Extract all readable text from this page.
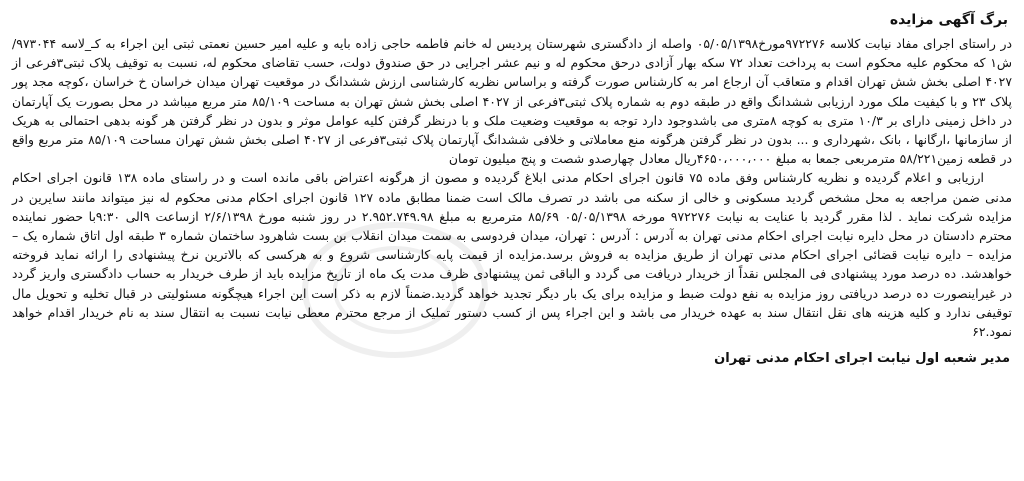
برگ آگهی مزایده

در راستای اجرای مفاد نیابت کلاسه ۹۷۲۲۷۶مورخ۰۵/۰۵/۱۳۹۸ واصله از دادگستری شهرستان پردیس له خانم فاطمه حاجی زاده بایه و علیه امیر حسین نعمتی ثبتی این اجراء به کـ_لاسه ۹۷۳۰۴۴/ش۱ که محکوم علیه محکوم است به پرداخت تعداد ۷۲ سکه بهار آزادی درحق محکوم له و نیم عشر اجرایی در حق صندوق دولت، حسب تقاضای محکوم له، نسبت به توقیف پلاک ثبتی۳فرعی از ۴۰۲۷ اصلی بخش شش تهران اقدام و متعاقب آن ارجاع امر به کارشناس صورت گرفته و براساس نظریه کارشناسی ارزش ششدانگ در موقعیت تهران میدان خراسان خ خراسان ،کوچه مجد پور پلاک ۲۳ و با کیفیت ملک مورد ارزیابی ششدانگ واقع در طبقه دوم به شماره پلاک ثبتی۳فرعی از ۴۰۲۷ اصلی بخش شش تهران به مساحت ۸۵/۱۰۹ متر مربع میباشد در محل بصورت یک آپارتمان در داخل زمینی دارای بر ۱۰/۳ متری به کوچه ۸متری می باشدوجود دارد توجه به موقعیت وضعیت ملک و با درنظر گرفتن کلیه عوامل موثر و بدون در نظر گرفتن هر گونه بدهی احتمالی به هریک از سازمانها ،ارگانها ، بانک ،شهرداری و ... بدون در نظر گرفتن هرگونه منع معاملاتی و خلافی ششدانگ آپارتمان پلاک ثبتی۳فرعی از ۴۰۲۷ اصلی بخش شش تهران مساحت ۸۵/۱۰۹ متر مربع واقع در قطعه زمین۵۸/۲۲۱ مترمربعی جمعا به مبلغ ۴۶۵۰،۰۰۰،۰۰۰ریال معادل چهارصدو شصت و پنج میلیون تومان

ارزیابی و اعلام گردیده و نظریه کارشناس وفق ماده ۷۵ قانون اجرای احکام مدنی ابلاغ گردیده و مصون از هرگونه اعتراض باقی مانده است و در راستای ماده ۱۳۸ قانون اجرای احکام مدنی ضمن مراجعه به محل مشخص گردید مسکونی و خالی از سکنه می باشد در تصرف مالک است ضمنا مطابق ماده ۱۲۷ قانون اجرای احکام مدنی محکوم له نیز میتواند مانند سایرین در مزایده شرکت نماید . لذا مقرر گردید با عنایت به نیابت ۹۷۲۲۷۶ مورخه ۰۵/۰۵/۱۳۹۸ ۸۵/۶۹ مترمربع به مبلغ ۲.۹۵۲.۷۴۹.۹۸ در روز شنبه مورخ ۲/۶/۱۳۹۸ ازساعت ۹الی ۹:۳۰با حضور نماینده محترم دادستان در محل دایره نیابت اجرای احکام مدنی تهران به آدرس : آدرس : تهران، میدان فردوسی به سمت میدان انقلاب بن بست شاهرود ساختمان شماره ۳ طبقه اول اتاق شماره یک –مزایده – دایره نیابت قضائی اجرای احکام مدنی تهران از طریق مزایده به فروش برسد.مزایده از قیمت پایه کارشناسی شروع و به هرکسی که بالاترین نرخ پیشنهادی را ارائه نماید فروخته خواهدشد. ده درصد مورد پیشنهادی فی المجلس نقداً از خریدار دریافت می گردد و الباقی ثمن پیشنهادی ظرف مدت یک ماه از تاریخ مزایده باید از طرف خریدار به حساب دادگستری واریز گردد در غیراینصورت ده درصد دریافتی روز مزایده به نفع دولت ضبط و مزایده برای یک بار دیگر تجدید خواهد گردید.ضمناً لازم به ذکر است این اجراء هیچگونه مسئولیتی در قبال تخلیه و تحویل مال توقیفی ندارد و کلیه هزینه های نقل انتقال سند به عهده خریدار می باشد و این اجراء پس از کسب دستور تملیک از مرجع محترم معطی نیابت نسبت به انتقال سند به نام خریدار اقدام خواهد نمود.۶۲

مدیر شعبه اول نیابت اجرای احکام مدنی تهران
